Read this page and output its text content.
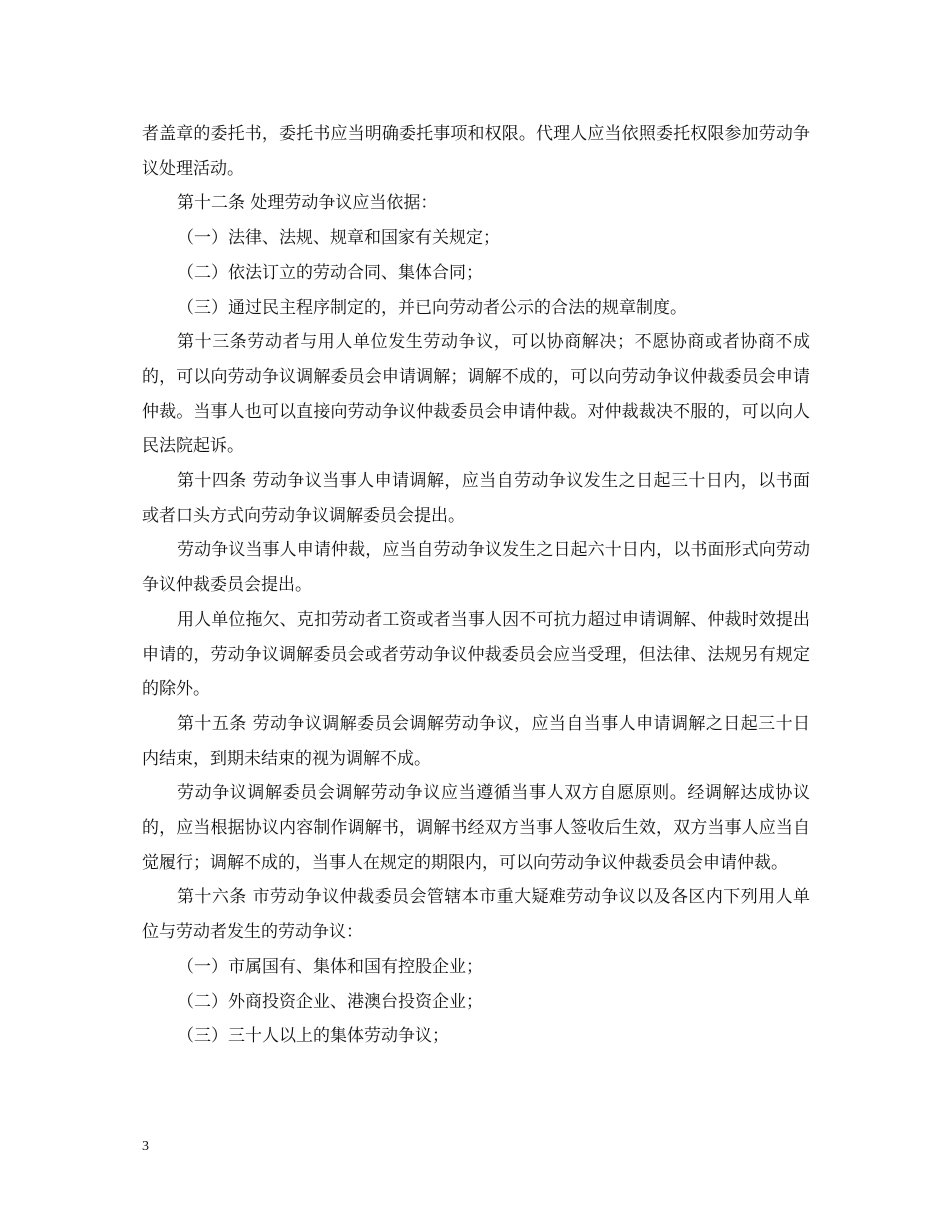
者盖章的委托书，委托书应当明确委托事项和权限。代理人应当依照委托权限参加劳动争议处理活动。

第十二条 处理劳动争议应当依据：

（一）法律、法规、规章和国家有关规定；

（二）依法订立的劳动合同、集体合同；

（三）通过民主程序制定的，并已向劳动者公示的合法的规章制度。

第十三条劳动者与用人单位发生劳动争议，可以协商解决；不愿协商或者协商不成的，可以向劳动争议调解委员会申请调解；调解不成的，可以向劳动争议仲裁委员会申请仲裁。当事人也可以直接向劳动争议仲裁委员会申请仲裁。对仲裁裁决不服的，可以向人民法院起诉。

第十四条 劳动争议当事人申请调解，应当自劳动争议发生之日起三十日内，以书面或者口头方式向劳动争议调解委员会提出。

劳动争议当事人申请仲裁，应当自劳动争议发生之日起六十日内，以书面形式向劳动争议仲裁委员会提出。

用人单位拖欠、克扣劳动者工资或者当事人因不可抗力超过申请调解、仲裁时效提出申请的，劳动争议调解委员会或者劳动争议仲裁委员会应当受理，但法律、法规另有规定的除外。

第十五条 劳动争议调解委员会调解劳动争议，应当自当事人申请调解之日起三十日内结束，到期未结束的视为调解不成。

劳动争议调解委员会调解劳动争议应当遵循当事人双方自愿原则。经调解达成协议的，应当根据协议内容制作调解书，调解书经双方当事人签收后生效，双方当事人应当自觉履行；调解不成的，当事人在规定的期限内，可以向劳动争议仲裁委员会申请仲裁。

第十六条 市劳动争议仲裁委员会管辖本市重大疑难劳动争议以及各区内下列用人单位与劳动者发生的劳动争议：

（一）市属国有、集体和国有控股企业；

（二）外商投资企业、港澳台投资企业；

（三）三十人以上的集体劳动争议；

3
